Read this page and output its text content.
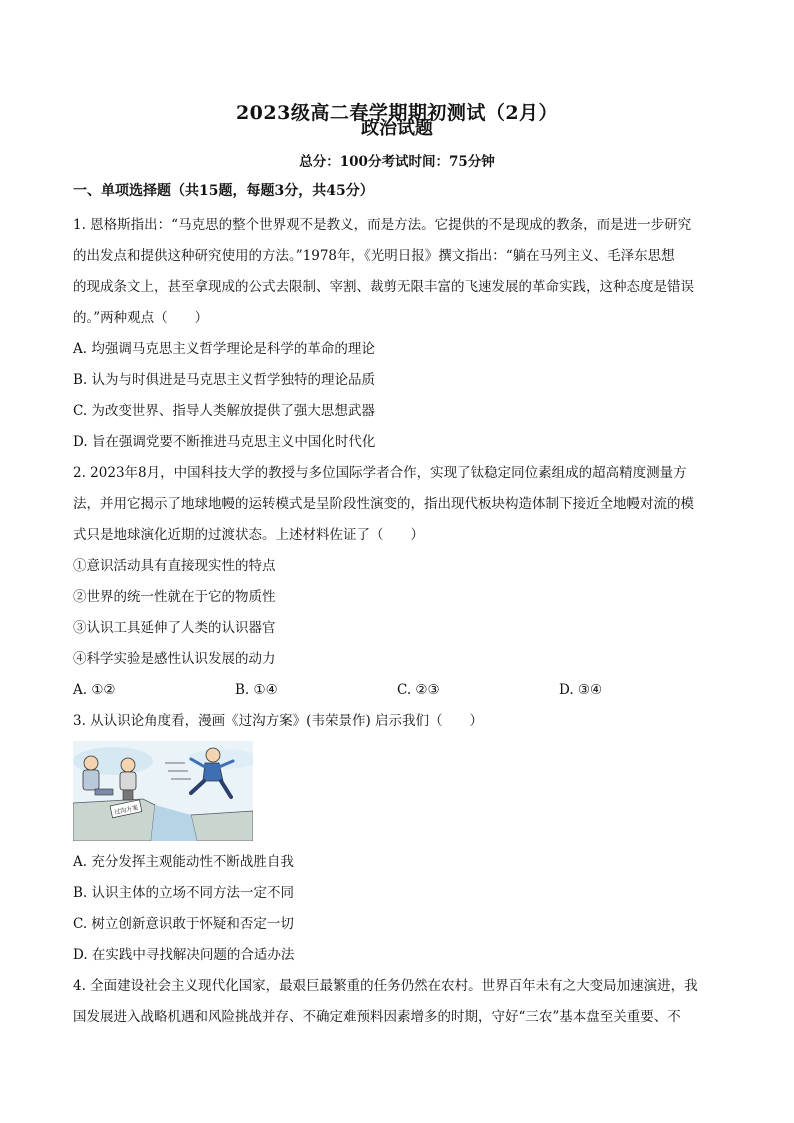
2023级高二春学期期初测试（2月）
政治试题
总分：100分考试时间：75分钟
一、单项选择题（共15题，每题3分，共45分）
1. 恩格斯指出：“马克思的整个世界观不是教义，而是方法。它提供的不是现成的教条，而是进一步研究
的出发点和提供这种研究使用的方法。”1978年，《光明日报》撰文指出：“躺在马列主义、毛泽东思想
的现成条文上，甚至拿现成的公式去限制、宰割、裁剪无限丰富的飞速发展的革命实践，这种态度是错误
的。”两种观点（　　）
A. 均强调马克思主义哲学理论是科学的革命的理论
B. 认为与时俱进是马克思主义哲学独特的理论品质
C. 为改变世界、指导人类解放提供了强大思想武器
D. 旨在强调党要不断推进马克思主义中国化时代化
2. 2023年8月，中国科技大学的教授与多位国际学者合作，实现了钛稳定同位素组成的超高精度测量方
法，并用它揭示了地球地幔的运转模式是呈阶段性演变的，指出现代板块构造体制下接近全地幔对流的模
式只是地球演化近期的过渡状态。上述材料佐证了（　　）
①意识活动具有直接现实性的特点
②世界的统一性就在于它的物质性
③认识工具延伸了人类的认识器官
④科学实验是感性认识发展的动力
A. ①②	B. ①④	C. ②③	D. ③④
3. 从认识论角度看，漫画《过沟方案》(韦荣景作) 启示我们（　　）
过沟方案
A. 充分发挥主观能动性不断战胜自我
B. 认识主体的立场不同方法一定不同
C. 树立创新意识敢于怀疑和否定一切
D. 在实践中寻找解决问题的合适办法
4. 全面建设社会主义现代化国家，最艰巨最繁重的任务仍然在农村。世界百年未有之大变局加速演进，我
国发展进入战略机遇和风险挑战并存、不确定难预料因素增多的时期，守好“三农”基本盘至关重要、不
